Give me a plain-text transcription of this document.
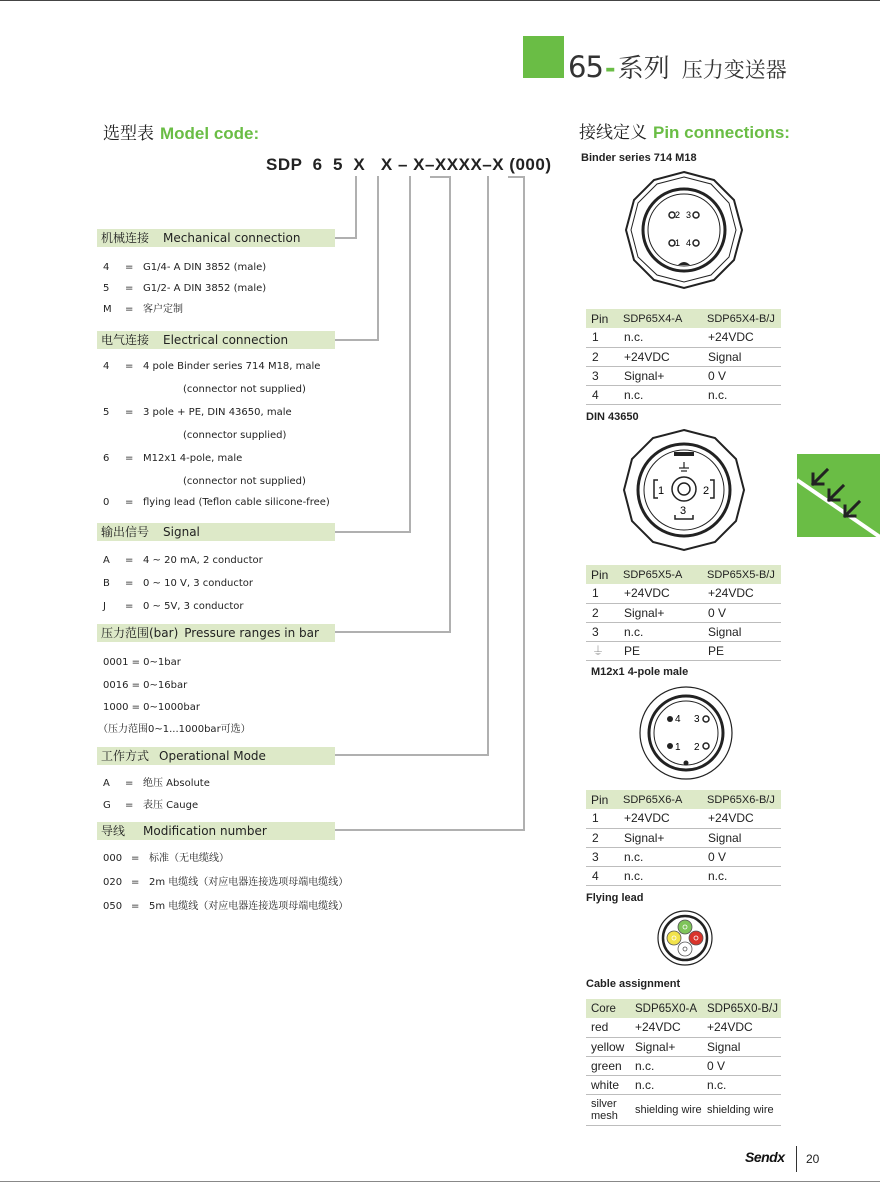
65-系列 压力变送器
选型表 Model code:
SDP  6  5  X   X – X–XXXX–X (000)
机械连接 Mechanical connection
4 = G1/4- A DIN 3852 (male)
5 = G1/2- A DIN 3852 (male)
M = 客户定制
电气连接 Electrical connection
4 = 4 pole Binder series 714 M18, male
(connector not supplied)
5 = 3 pole + PE, DIN 43650, male
(connector supplied)
6 = M12x1 4-pole, male
(connector not supplied)
0 = flying lead (Teflon cable silicone-free)
输出信号 Signal
A = 4 ~ 20 mA, 2 conductor
B = 0 ~ 10 V, 3 conductor
J = 0 ~ 5V, 3 conductor
压力范围(bar) Pressure ranges in bar
0001 = 0~1bar
0016 = 0~16bar
1000 = 0~1000bar
（压力范围0~1...1000bar可选）
工作方式 Operational Mode
A = 绝压 Absolute
G = 表压 Cauge
导线 Modification number
000 = 标准（无电缆线）
020 = 2m 电缆线（对应电器连接选项母端电缆线）
050 = 5m 电缆线（对应电器连接选项母端电缆线）
接线定义 Pin connections:
Binder series 714 M18
2 3
1 4
Pin	SDP65X4-A	SDP65X4-B/J
1	n.c.	+24VDC
2	+24VDC	Signal
3	Signal+	0 V
4	n.c.	n.c.
DIN 43650
1	2
3
Pin	SDP65X5-A	SDP65X5-B/J
1	+24VDC	+24VDC
2	Signal+	0 V
3	n.c.	Signal
⏚	PE	PE
M12x1 4-pole male
4 3
1 2
Pin	SDP65X6-A	SDP65X6-B/J
1	+24VDC	+24VDC
2	Signal+	Signal
3	n.c.	0 V
4	n.c.	n.c.
Flying lead
Cable assignment
Core	SDP65X0-A	SDP65X0-B/J
red	+24VDC	+24VDC
yellow	Signal+	Signal
green	n.c.	0 V
white	n.c.	n.c.
silver mesh	shielding wire	shielding wire
Sendx 20
